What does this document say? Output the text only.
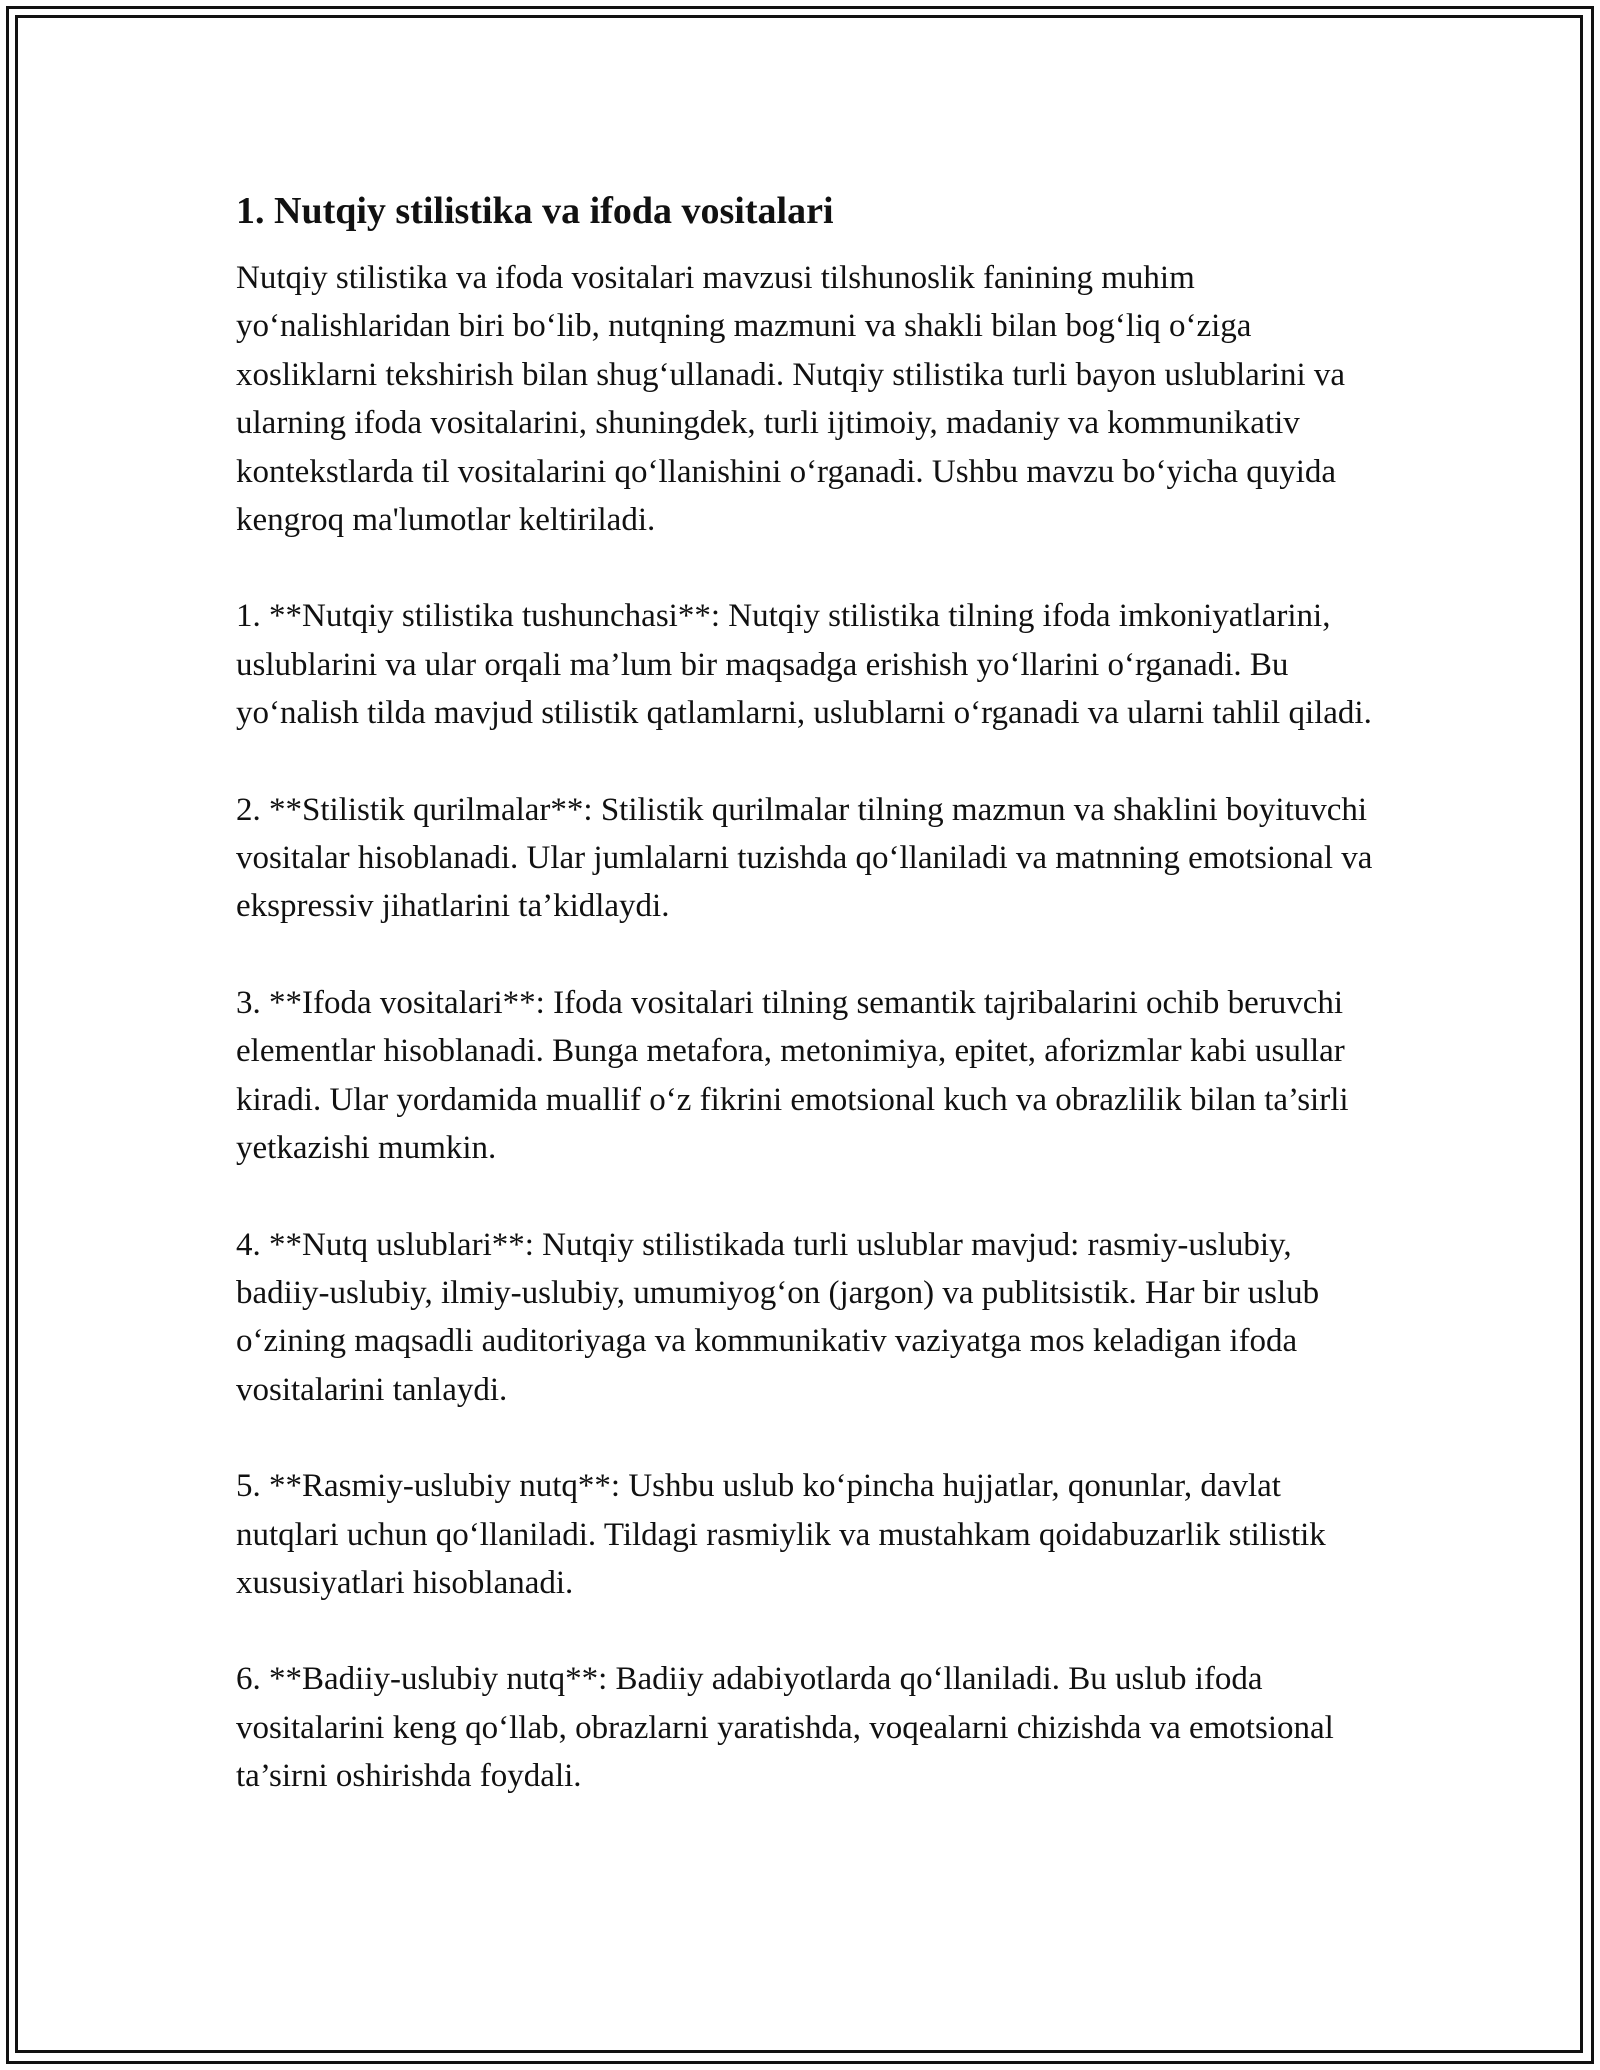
1. Nutqiy stilistika va ifoda vositalari

Nutqiy stilistika va ifoda vositalari mavzusi tilshunoslik fanining muhim yo‘nalishlaridan biri bo‘lib, nutqning mazmuni va shakli bilan bog‘liq o‘ziga xosliklarni tekshirish bilan shug‘ullanadi. Nutqiy stilistika turli bayon uslublarini va ularning ifoda vositalarini, shuningdek, turli ijtimoiy, madaniy va kommunikativ kontekstlarda til vositalarini qo‘llanishini o‘rganadi. Ushbu mavzu bo‘yicha quyida kengroq ma'lumotlar keltiriladi.

1. **Nutqiy stilistika tushunchasi**: Nutqiy stilistika tilning ifoda imkoniyatlarini, uslublarini va ular orqali ma’lum bir maqsadga erishish yo‘llarini o‘rganadi. Bu yo‘nalish tilda mavjud stilistik qatlamlarni, uslublarni o‘rganadi va ularni tahlil qiladi.

2. **Stilistik qurilmalar**: Stilistik qurilmalar tilning mazmun va shaklini boyituvchi vositalar hisoblanadi. Ular jumlalarni tuzishda qo‘llaniladi va matnning emotsional va ekspressiv jihatlarini ta’kidlaydi.

3. **Ifoda vositalari**: Ifoda vositalari tilning semantik tajribalarini ochib beruvchi elementlar hisoblanadi. Bunga metafora, metonimiya, epitet, aforizmlar kabi usullar kiradi. Ular yordamida muallif o‘z fikrini emotsional kuch va obrazlilik bilan ta’sirli yetkazishi mumkin.

4. **Nutq uslublari**: Nutqiy stilistikada turli uslublar mavjud: rasmiy-uslubiy, badiiy-uslubiy, ilmiy-uslubiy, umumiyog‘on (jargon) va publitsistik. Har bir uslub o‘zining maqsadli auditoriyaga va kommunikativ vaziyatga mos keladigan ifoda vositalarini tanlaydi.

5. **Rasmiy-uslubiy nutq**: Ushbu uslub ko‘pincha hujjatlar, qonunlar, davlat nutqlari uchun qo‘llaniladi. Tildagi rasmiylik va mustahkam qoidabuzarlik stilistik xususiyatlari hisoblanadi.

6. **Badiiy-uslubiy nutq**: Badiiy adabiyotlarda qo‘llaniladi. Bu uslub ifoda vositalarini keng qo‘llab, obrazlarni yaratishda, voqealarni chizishda va emotsional ta’sirni oshirishda foydali.
